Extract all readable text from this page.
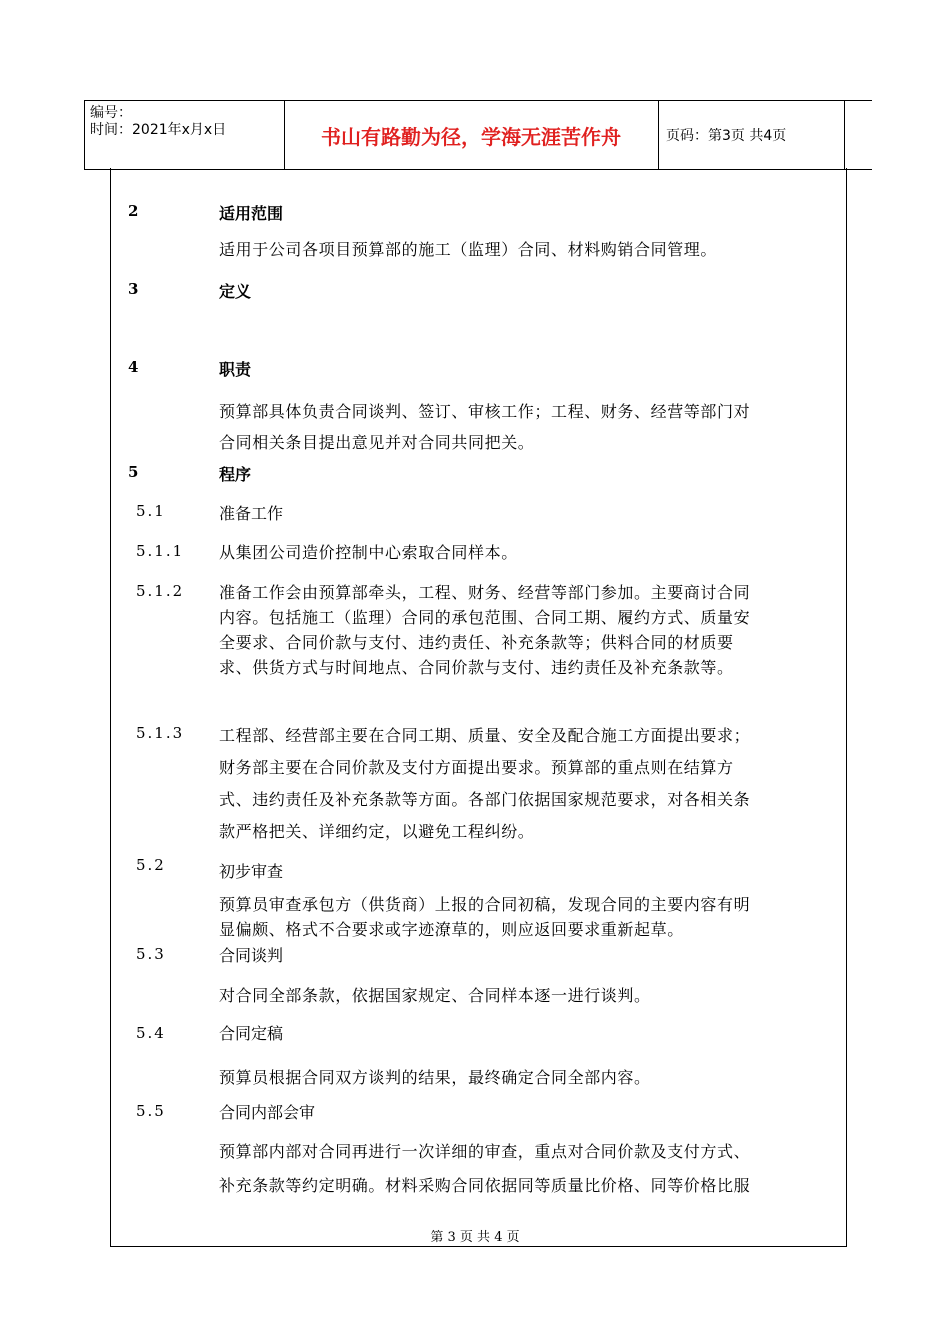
编号：
时间：2021年x月x日	书山有路勤为径，学海无涯苦作舟	页码：第3页 共4页
2	适用范围
适用于公司各项目预算部的施工（监理）合同、材料购销合同管理。
3	定义
4	职责
预算部具体负责合同谈判、签订、审核工作；工程、财务、经营等部门对
合同相关条目提出意见并对合同共同把关。
5	程序
5.1	准备工作
5.1.1 从集团公司造价控制中心索取合同样本。
5.1.2 准备工作会由预算部牵头，工程、财务、经营等部门参加。主要商讨合同
内容。包括施工（监理）合同的承包范围、合同工期、履约方式、质量安
全要求、合同价款与支付、违约责任、补充条款等；供料合同的材质要
求、供货方式与时间地点、合同价款与支付、违约责任及补充条款等。
5.1.3 工程部、经营部主要在合同工期、质量、安全及配合施工方面提出要求；
财务部主要在合同价款及支付方面提出要求。预算部的重点则在结算方
式、违约责任及补充条款等方面。各部门依据国家规范要求，对各相关条
款严格把关、详细约定，以避免工程纠纷。
5.2	初步审查
预算员审查承包方（供货商）上报的合同初稿，发现合同的主要内容有明
显偏颇、格式不合要求或字迹潦草的，则应返回要求重新起草。
5.3	合同谈判
对合同全部条款，依据国家规定、合同样本逐一进行谈判。
5.4	合同定稿
预算员根据合同双方谈判的结果，最终确定合同全部内容。
5.5	合同内部会审
预算部内部对合同再进行一次详细的审查，重点对合同价款及支付方式、
补充条款等约定明确。材料采购合同依据同等质量比价格、同等价格比服
第 3 页 共 4 页
